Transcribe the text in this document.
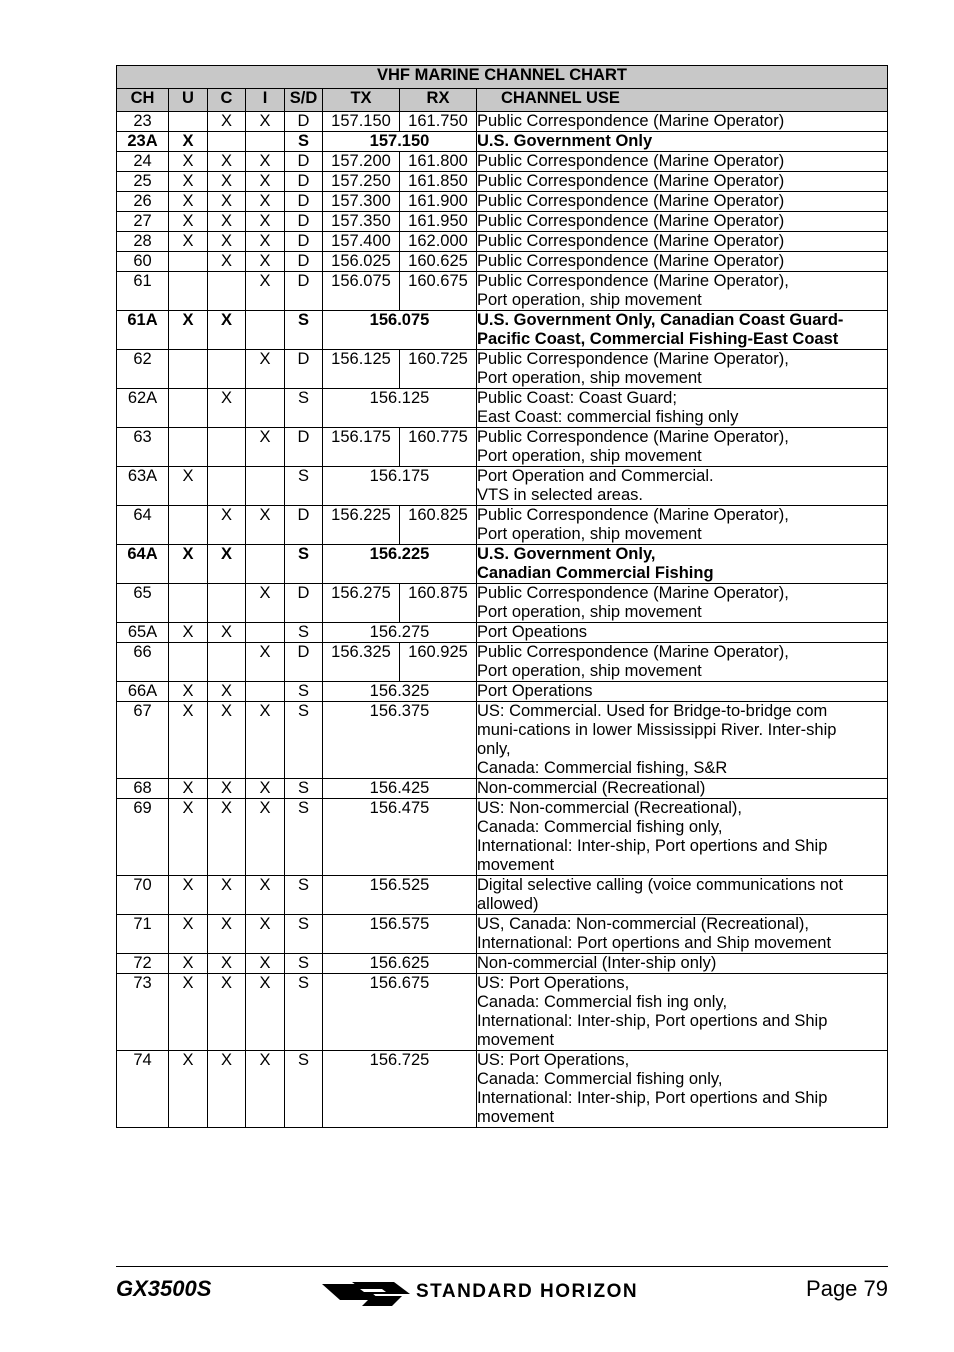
VHF MARINE CHANNEL CHART							
CH	U	C	I	S/D	TX	RX	CHANNEL USE
23		X	X	D	157.150	161.750	Public Correspondence (Marine Operator)

23A	X			S	157.150		U.S. Government Only

24	X	X	X	D	157.200	161.800	Public Correspondence (Marine Operator)

25	X	X	X	D	157.250	161.850	Public Correspondence (Marine Operator)

26	X	X	X	D	157.300	161.900	Public Correspondence (Marine Operator)

27	X	X	X	D	157.350	161.950	Public Correspondence (Marine Operator)

28	X	X	X	D	157.400	162.000	Public Correspondence (Marine Operator)

60		X	X	D	156.025	160.625	Public Correspondence (Marine Operator)

61			X	D	156.075	160.675	Public Correspondence (Marine Operator),
Port operation, ship movement

61A	X	X		S	156.075		U.S. Government Only, Canadian Coast Guard-
Pacific Coast, Commercial Fishing-East Coast

62			X	D	156.125	160.725	Public Correspondence (Marine Operator),
Port operation, ship movement

62A		X		S	156.125		Public Coast: Coast Guard;
East Coast: commercial fishing only

63			X	D	156.175	160.775	Public Correspondence (Marine Operator),
Port operation, ship movement

63A	X			S	156.175		Port Operation and Commercial.
VTS in selected areas.

64		X	X	D	156.225	160.825	Public Correspondence (Marine Operator),
Port operation, ship movement

64A	X	X		S	156.225		U.S. Government Only,
Canadian Commercial Fishing

65			X	D	156.275	160.875	Public Correspondence (Marine Operator),
Port operation, ship movement

65A	X	X		S	156.275		Port Opeations

66			X	D	156.325	160.925	Public Correspondence (Marine Operator),
Port operation, ship movement

66A	X	X		S	156.325		Port Operations

67	X	X	X	S	156.375		US: Commercial. Used for Bridge-to-bridge com
muni-cations in lower Mississippi River. Inter-ship
only,
Canada: Commercial fishing, S&R

68	X	X	X	S	156.425		Non-commercial (Recreational)

69	X	X	X	S	156.475		US: Non-commercial (Recreational),
Canada: Commercial fishing only,
International: Inter-ship, Port opertions and Ship
movement

70	X	X	X	S	156.525		Digital selective calling (voice communications not
allowed)

71	X	X	X	S	156.575		US, Canada: Non-commercial (Recreational),
International: Port opertions and Ship movement

72	X	X	X	S	156.625		Non-commercial (Inter-ship only)

73	X	X	X	S	156.675		US: Port Operations,
Canada: Commercial fish ing only,
International: Inter-ship, Port opertions and Ship
movement

74	X	X	X	S	156.725		US: Port Operations,
Canada: Commercial fishing only,
International: Inter-ship, Port opertions and Ship
movement
GX3500S	STANDARD HORIZON	Page 79
